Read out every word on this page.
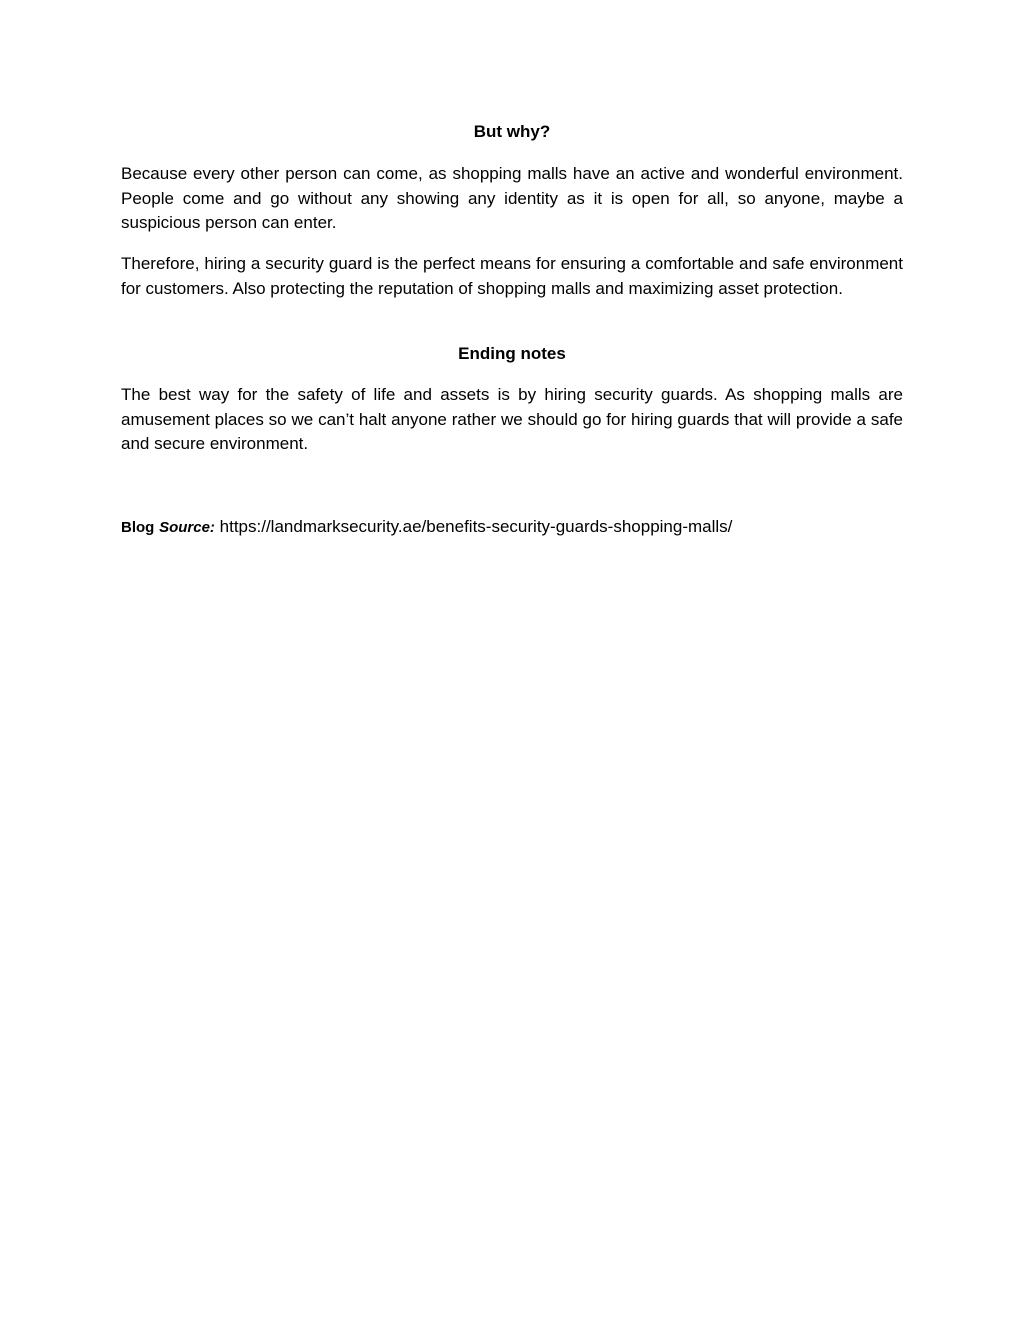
But why?
Because every other person can come, as shopping malls have an active and wonderful environment. People come and go without any showing any identity as it is open for all, so anyone, maybe a suspicious person can enter.
Therefore, hiring a security guard is the perfect means for ensuring a comfortable and safe environment for customers. Also protecting the reputation of shopping malls and maximizing asset protection.
Ending notes
The best way for the safety of life and assets is by hiring security guards. As shopping malls are amusement places so we can’t halt anyone rather we should go for hiring guards that will provide a safe and secure environment.
Blog Source: https://landmarksecurity.ae/benefits-security-guards-shopping-malls/
